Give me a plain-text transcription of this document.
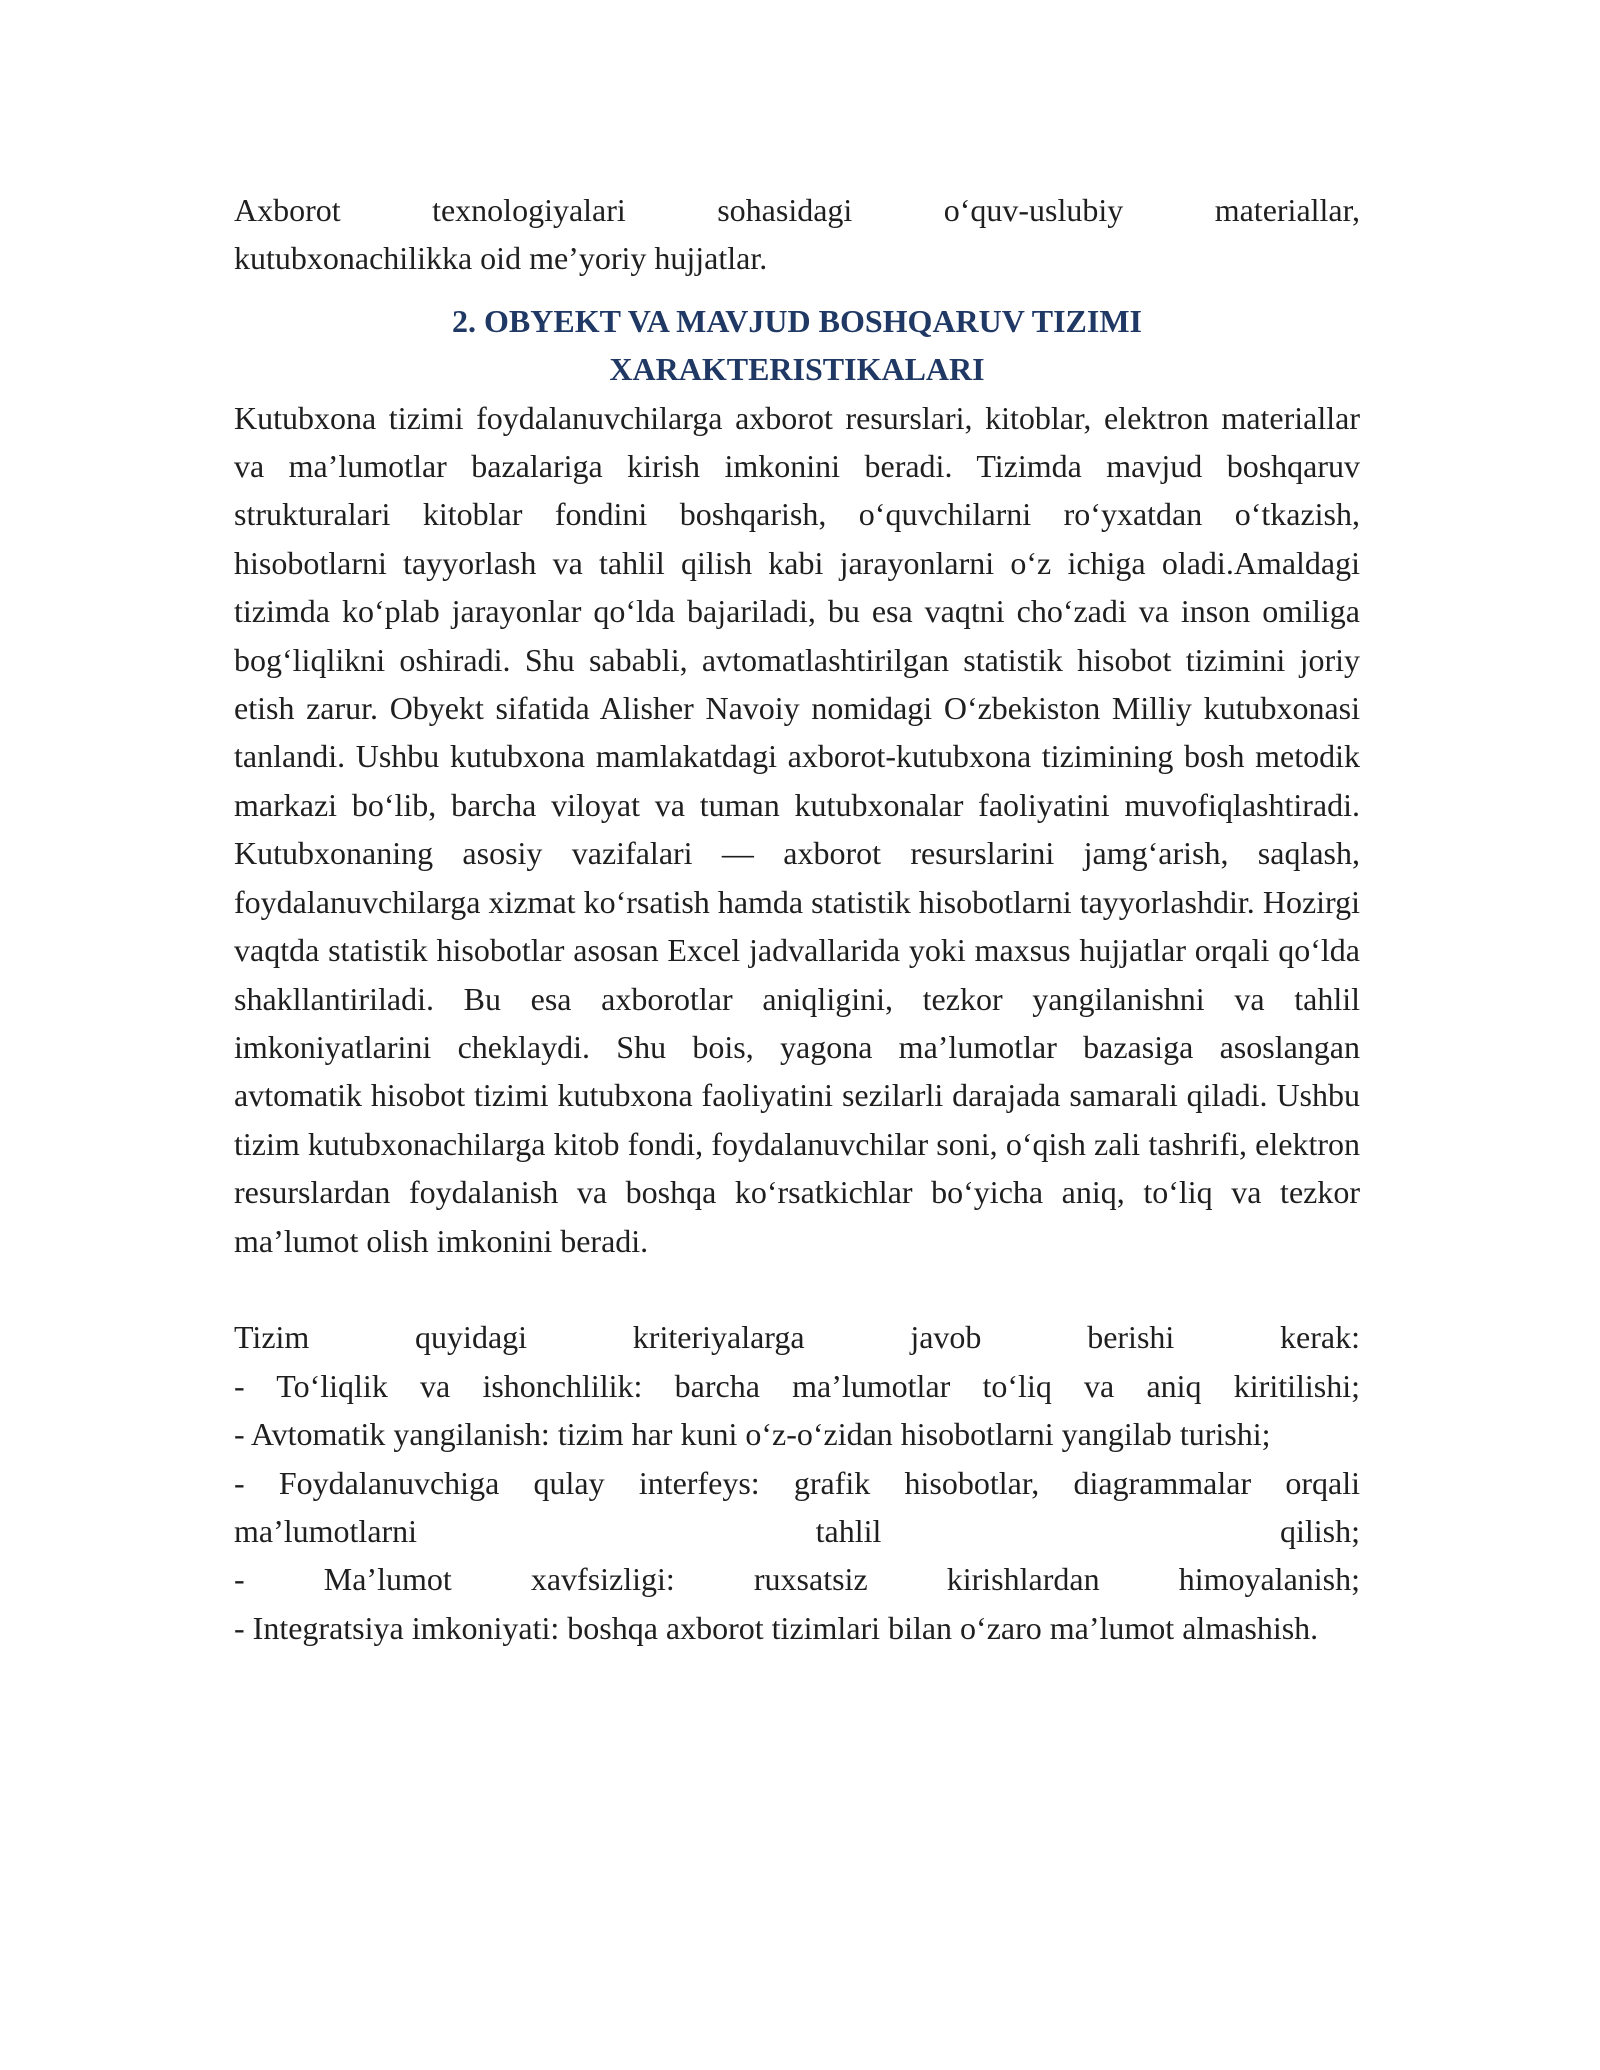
Axborot texnologiyalari sohasidagi o‘quv-uslubiy materiallar,
kutubxonachilikka oid me’yoriy hujjatlar.

2. OBYEKT VA MAVJUD BOSHQARUV TIZIMI
XARAKTERISTIKALARI

Kutubxona tizimi foydalanuvchilarga axborot resurslari, kitoblar, elektron materiallar va ma’lumotlar bazalariga kirish imkonini beradi. Tizimda mavjud boshqaruv strukturalari kitoblar fondini boshqarish, o‘quvchilarni ro‘yxatdan o‘tkazish, hisobotlarni tayyorlash va tahlil qilish kabi jarayonlarni o‘z ichiga oladi.Amaldagi tizimda ko‘plab jarayonlar qo‘lda bajariladi, bu esa vaqtni cho‘zadi va inson omiliga bog‘liqlikni oshiradi. Shu sababli, avtomatlashtirilgan statistik hisobot tizimini joriy etish zarur. Obyekt sifatida Alisher Navoiy nomidagi O‘zbekiston Milliy kutubxonasi tanlandi. Ushbu kutubxona mamlakatdagi axborot-kutubxona tizimining bosh metodik markazi bo‘lib, barcha viloyat va tuman kutubxonalar faoliyatini muvofiqlashtiradi. Kutubxonaning asosiy vazifalari — axborot resurslarini jamg‘arish, saqlash, foydalanuvchilarga xizmat ko‘rsatish hamda statistik hisobotlarni tayyorlashdir. Hozirgi vaqtda statistik hisobotlar asosan Excel jadvallarida yoki maxsus hujjatlar orqali qo‘lda shakllantiriladi. Bu esa axborotlar aniqligini, tezkor yangilanishni va tahlil imkoniyatlarini cheklaydi. Shu bois, yagona ma’lumotlar bazasiga asoslangan avtomatik hisobot tizimi kutubxona faoliyatini sezilarli darajada samarali qiladi. Ushbu tizim kutubxonachilarga kitob fondi, foydalanuvchilar soni, o‘qish zali tashrifi, elektron resurslardan foydalanish va boshqa ko‘rsatkichlar bo‘yicha aniq, to‘liq va tezkor ma’lumot olish imkonini beradi.

Tizim quyidagi kriteriyalarga javob berishi kerak:
- To‘liqlik va ishonchlilik: barcha ma’lumotlar to‘liq va aniq kiritilishi;
- Avtomatik yangilanish: tizim har kuni o‘z-o‘zidan hisobotlarni yangilab turishi;
- Foydalanuvchiga qulay interfeys: grafik hisobotlar, diagrammalar orqali ma’lumotlarni tahlil qilish;
- Ma’lumot xavfsizligi: ruxsatsiz kirishlardan himoyalanish;
- Integratsiya imkoniyati: boshqa axborot tizimlari bilan o‘zaro ma’lumot almashish.
